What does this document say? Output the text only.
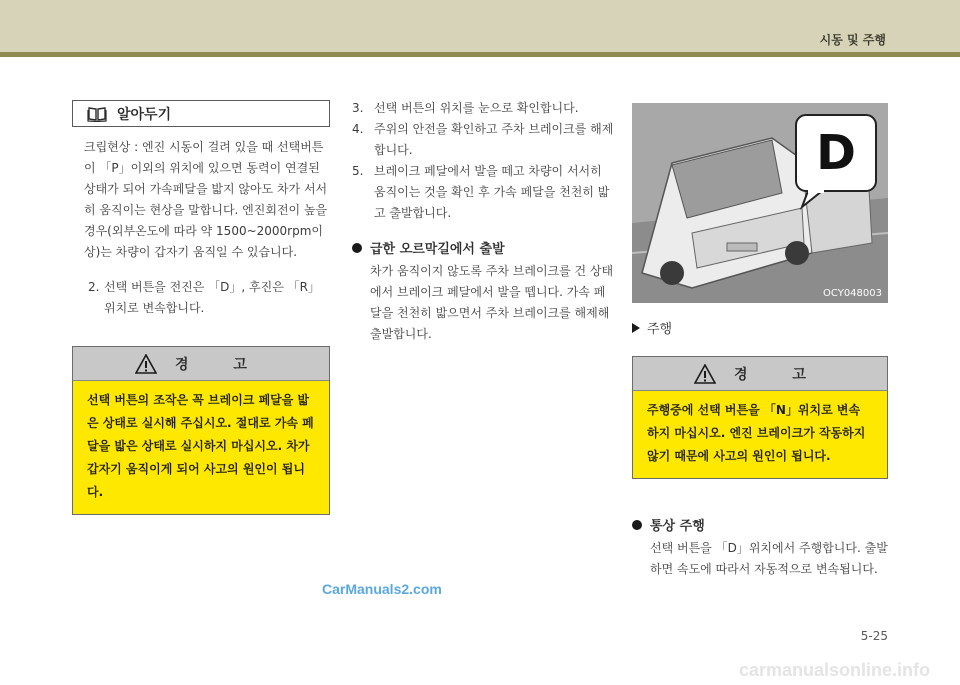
시동 및 주행
알아두기

크립현상 : 엔진 시동이 걸려 있을 때 선택버튼이 「P」이외의 위치에 있으면 동력이 연결된 상태가 되어 가속페달을 밟지 않아도 차가 서서히 움직이는 현상을 말합니다. 엔진회전이 높을 경우(외부온도에 따라 약 1500~2000rpm이상)는 차량이 갑자기 움직일 수 있습니다.

2. 선택 버튼을 전진은 「D」, 후진은 「R」 위치로 변속합니다.
경 고

선택 버튼의 조작은 꼭 브레이크 페달을 밟은 상태로 실시해 주십시오. 절대로 가속 페달을 밟은 상태로 실시하지 마십시오. 차가 갑자기 움직이게 되어 사고의 원인이 됩니다.

3. 선택 버튼의 위치를 눈으로 확인합니다.
4. 주위의 안전을 확인하고 주차 브레이크를 해제합니다.
5. 브레이크 페달에서 발을 떼고 차량이 서서히 움직이는 것을 확인 후 가속 페달을 천천히 밟고 출발합니다.
급한 오르막길에서 출발

차가 움직이지 않도록 주차 브레이크를 건 상태에서 브레이크 페달에서 발을 뗍니다. 가속 페달을 천천히 밟으면서 주차 브레이크를 해제해 출발합니다.

D
OCY048003
주행
경 고

주행중에 선택 버튼을 「N」위치로 변속 하지 마십시오. 엔진 브레이크가 작동하지 않기 때문에 사고의 원인이 됩니다.

통상 주행

선택 버튼을 「D」위치에서 주행합니다. 출발하면 속도에 따라서 자동적으로 변속됩니다.

CarManuals2.com
5-25
carmanualsonline.info
